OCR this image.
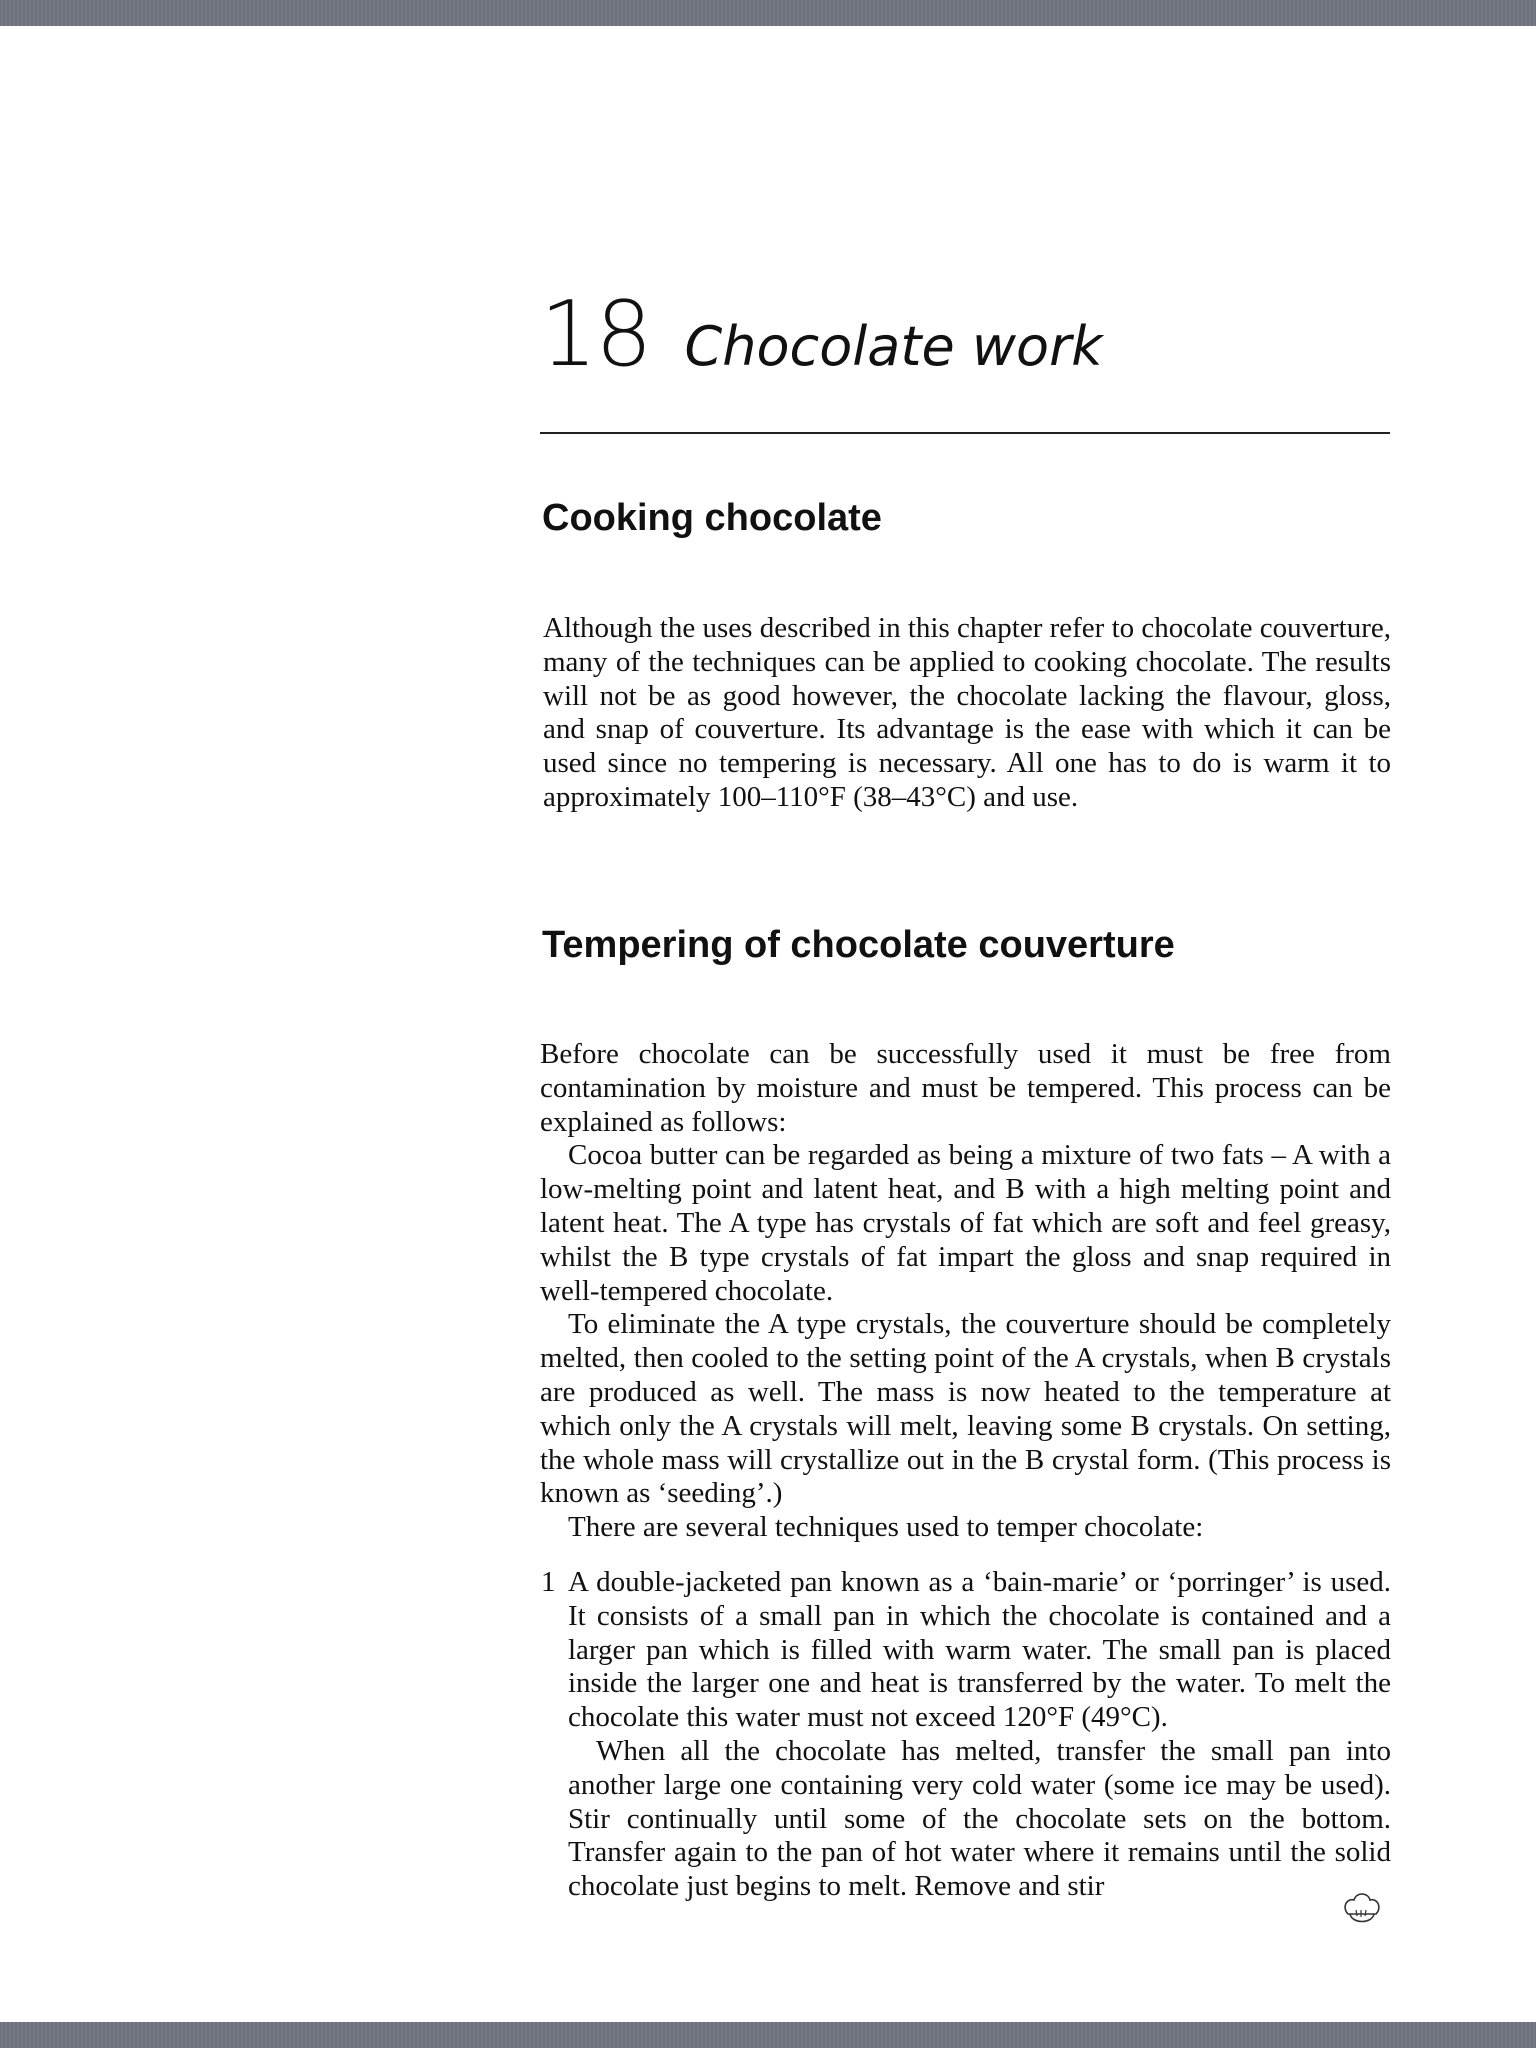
18 Chocolate work
Cooking chocolate

Although the uses described in this chapter refer to chocolate couverture, many of the techniques can be applied to cooking chocolate. The results will not be as good however, the chocolate lacking the flavour, gloss, and snap of couverture. Its advantage is the ease with which it can be used since no tempering is necessary. All one has to do is warm it to approximately 100–110°F (38–43°C) and use.

Tempering of chocolate couverture

Before chocolate can be successfully used it must be free from contamination by moisture and must be tempered. This process can be explained as follows:

Cocoa butter can be regarded as being a mixture of two fats – A with a low-melting point and latent heat, and B with a high melting point and latent heat. The A type has crystals of fat which are soft and feel greasy, whilst the B type crystals of fat impart the gloss and snap required in well-tempered chocolate.

To eliminate the A type crystals, the couverture should be completely melted, then cooled to the setting point of the A crystals, when B crystals are produced as well. The mass is now heated to the temperature at which only the A crystals will melt, leaving some B crystals. On setting, the whole mass will crystallize out in the B crystal form. (This process is known as ‘seeding’.)

There are several techniques used to temper chocolate:

1 A double-jacketed pan known as a ‘bain-marie’ or ‘porringer’ is used. It consists of a small pan in which the chocolate is contained and a larger pan which is filled with warm water. The small pan is placed inside the larger one and heat is transferred by the water. To melt the chocolate this water must not exceed 120°F (49°C).

When all the chocolate has melted, transfer the small pan into another large one containing very cold water (some ice may be used). Stir continually until some of the chocolate sets on the bottom. Transfer again to the pan of hot water where it remains until the solid chocolate just begins to melt. Remove and stir
